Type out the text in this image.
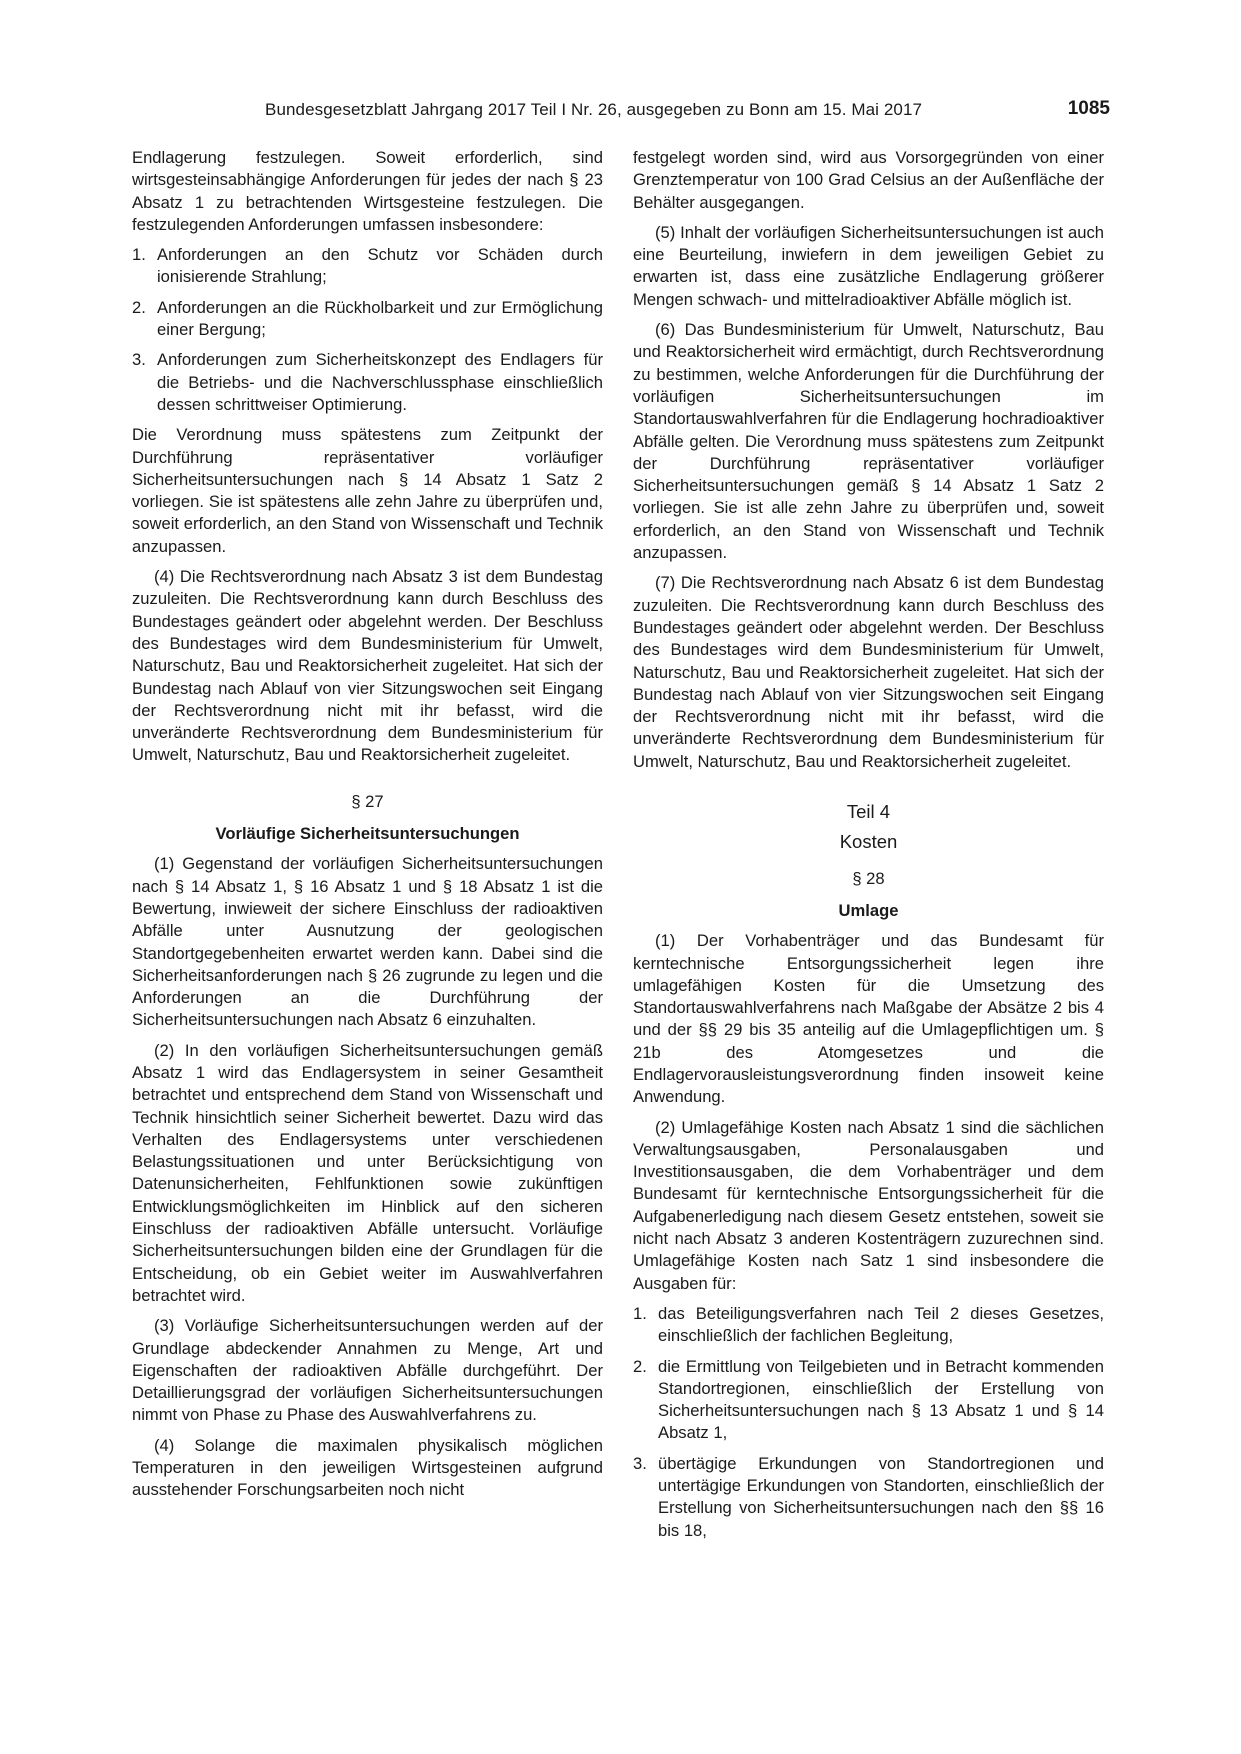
Bundesgesetzblatt Jahrgang 2017 Teil I Nr. 26, ausgegeben zu Bonn am 15. Mai 2017	1085

Endlagerung festzulegen. Soweit erforderlich, sind wirtsgesteinsabhängige Anforderungen für jedes der nach § 23 Absatz 1 zu betrachtenden Wirtsgesteine festzulegen. Die festzulegenden Anforderungen umfassen insbesondere:

1. Anforderungen an den Schutz vor Schäden durch ionisierende Strahlung;
2. Anforderungen an die Rückholbarkeit und zur Ermöglichung einer Bergung;
3. Anforderungen zum Sicherheitskonzept des Endlagers für die Betriebs- und die Nachverschlussphase einschließlich dessen schrittweiser Optimierung.

Die Verordnung muss spätestens zum Zeitpunkt der Durchführung repräsentativer vorläufiger Sicherheitsuntersuchungen nach § 14 Absatz 1 Satz 2 vorliegen. Sie ist spätestens alle zehn Jahre zu überprüfen und, soweit erforderlich, an den Stand von Wissenschaft und Technik anzupassen.

(4) Die Rechtsverordnung nach Absatz 3 ist dem Bundestag zuzuleiten. Die Rechtsverordnung kann durch Beschluss des Bundestages geändert oder abgelehnt werden. Der Beschluss des Bundestages wird dem Bundesministerium für Umwelt, Naturschutz, Bau und Reaktorsicherheit zugeleitet. Hat sich der Bundestag nach Ablauf von vier Sitzungswochen seit Eingang der Rechtsverordnung nicht mit ihr befasst, wird die unveränderte Rechtsverordnung dem Bundesministerium für Umwelt, Naturschutz, Bau und Reaktorsicherheit zugeleitet.

§ 27
Vorläufige Sicherheitsuntersuchungen

(1) Gegenstand der vorläufigen Sicherheitsuntersuchungen nach § 14 Absatz 1, § 16 Absatz 1 und § 18 Absatz 1 ist die Bewertung, inwieweit der sichere Einschluss der radioaktiven Abfälle unter Ausnutzung der geologischen Standortgegebenheiten erwartet werden kann. Dabei sind die Sicherheitsanforderungen nach § 26 zugrunde zu legen und die Anforderungen an die Durchführung der Sicherheitsuntersuchungen nach Absatz 6 einzuhalten.

(2) In den vorläufigen Sicherheitsuntersuchungen gemäß Absatz 1 wird das Endlagersystem in seiner Gesamtheit betrachtet und entsprechend dem Stand von Wissenschaft und Technik hinsichtlich seiner Sicherheit bewertet. Dazu wird das Verhalten des Endlagersystems unter verschiedenen Belastungssituationen und unter Berücksichtigung von Datenunsicherheiten, Fehlfunktionen sowie zukünftigen Entwicklungsmöglichkeiten im Hinblick auf den sicheren Einschluss der radioaktiven Abfälle untersucht. Vorläufige Sicherheitsuntersuchungen bilden eine der Grundlagen für die Entscheidung, ob ein Gebiet weiter im Auswahlverfahren betrachtet wird.

(3) Vorläufige Sicherheitsuntersuchungen werden auf der Grundlage abdeckender Annahmen zu Menge, Art und Eigenschaften der radioaktiven Abfälle durchgeführt. Der Detaillierungsgrad der vorläufigen Sicherheitsuntersuchungen nimmt von Phase zu Phase des Auswahlverfahrens zu.

(4) Solange die maximalen physikalisch möglichen Temperaturen in den jeweiligen Wirtsgesteinen aufgrund ausstehender Forschungsarbeiten noch nicht

festgelegt worden sind, wird aus Vorsorgegründen von einer Grenztemperatur von 100 Grad Celsius an der Außenfläche der Behälter ausgegangen.

(5) Inhalt der vorläufigen Sicherheitsuntersuchungen ist auch eine Beurteilung, inwiefern in dem jeweiligen Gebiet zu erwarten ist, dass eine zusätzliche Endlagerung größerer Mengen schwach- und mittelradioaktiver Abfälle möglich ist.

(6) Das Bundesministerium für Umwelt, Naturschutz, Bau und Reaktorsicherheit wird ermächtigt, durch Rechtsverordnung zu bestimmen, welche Anforderungen für die Durchführung der vorläufigen Sicherheitsuntersuchungen im Standortauswahlverfahren für die Endlagerung hochradioaktiver Abfälle gelten. Die Verordnung muss spätestens zum Zeitpunkt der Durchführung repräsentativer vorläufiger Sicherheitsuntersuchungen gemäß § 14 Absatz 1 Satz 2 vorliegen. Sie ist alle zehn Jahre zu überprüfen und, soweit erforderlich, an den Stand von Wissenschaft und Technik anzupassen.

(7) Die Rechtsverordnung nach Absatz 6 ist dem Bundestag zuzuleiten. Die Rechtsverordnung kann durch Beschluss des Bundestages geändert oder abgelehnt werden. Der Beschluss des Bundestages wird dem Bundesministerium für Umwelt, Naturschutz, Bau und Reaktorsicherheit zugeleitet. Hat sich der Bundestag nach Ablauf von vier Sitzungswochen seit Eingang der Rechtsverordnung nicht mit ihr befasst, wird die unveränderte Rechtsverordnung dem Bundesministerium für Umwelt, Naturschutz, Bau und Reaktorsicherheit zugeleitet.

Teil 4
Kosten
§ 28
Umlage

(1) Der Vorhabenträger und das Bundesamt für kerntechnische Entsorgungssicherheit legen ihre umlagefähigen Kosten für die Umsetzung des Standortauswahlverfahrens nach Maßgabe der Absätze 2 bis 4 und der §§ 29 bis 35 anteilig auf die Umlagepflichtigen um. § 21b des Atomgesetzes und die Endlagervorausleistungsverordnung finden insoweit keine Anwendung.

(2) Umlagefähige Kosten nach Absatz 1 sind die sächlichen Verwaltungsausgaben, Personalausgaben und Investitionsausgaben, die dem Vorhabenträger und dem Bundesamt für kerntechnische Entsorgungssicherheit für die Aufgabenerledigung nach diesem Gesetz entstehen, soweit sie nicht nach Absatz 3 anderen Kostenträgern zuzurechnen sind. Umlagefähige Kosten nach Satz 1 sind insbesondere die Ausgaben für:

1. das Beteiligungsverfahren nach Teil 2 dieses Gesetzes, einschließlich der fachlichen Begleitung,
2. die Ermittlung von Teilgebieten und in Betracht kommenden Standortregionen, einschließlich der Erstellung von Sicherheitsuntersuchungen nach § 13 Absatz 1 und § 14 Absatz 1,
3. übertägige Erkundungen von Standortregionen und untertägige Erkundungen von Standorten, einschließlich der Erstellung von Sicherheitsuntersuchungen nach den §§ 16 bis 18,
